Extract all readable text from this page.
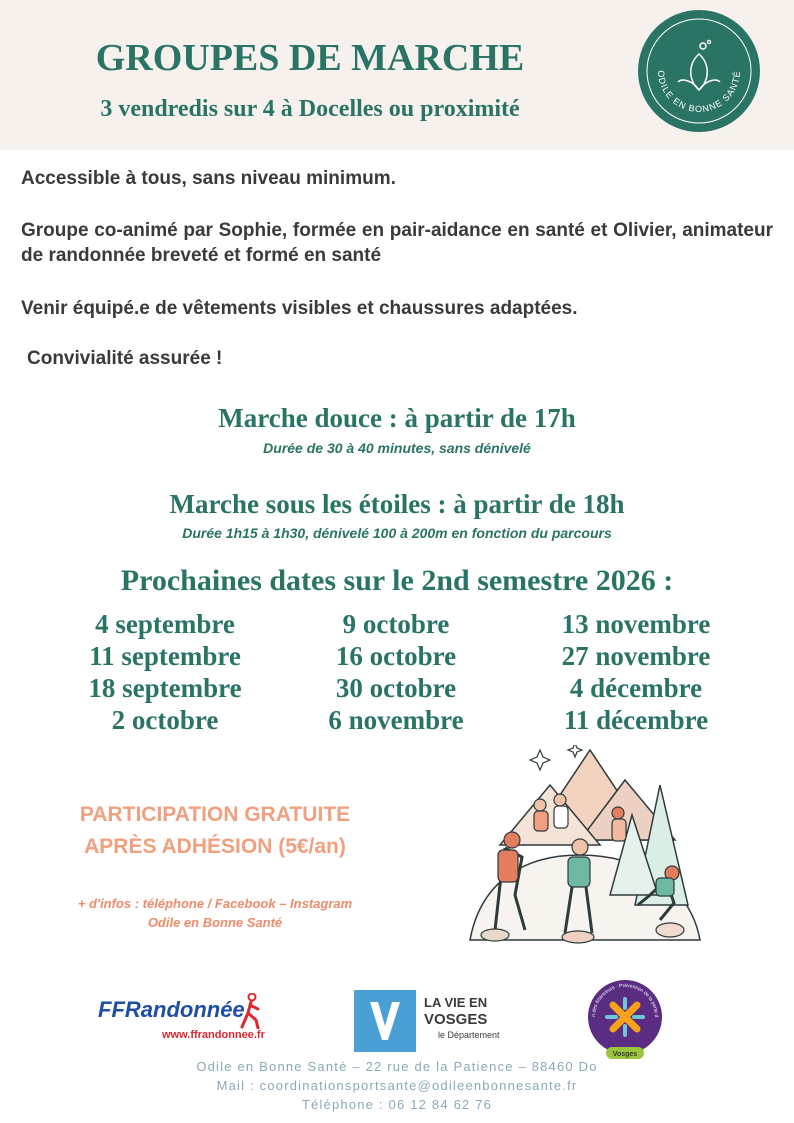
GROUPES DE MARCHE
3 vendredis sur 4 à Docelles ou proximité
ODILE EN BONNE SANTÉ
Accessible à tous, sans niveau minimum.
Groupe co-animé par Sophie, formée en pair-aidance en santé et Olivier, animateur de randonnée breveté et formé en santé
Venir équipé.e de vêtements visibles et chaussures adaptées.
Convivialité assurée !
Marche douce : à partir de 17h
Durée de 30 à 40 minutes, sans dénivelé
Marche sous les étoiles : à partir de 18h
Durée 1h15 à 1h30, dénivelé 100 à 200m en fonction du parcours
Prochaines dates sur le 2nd semestre 2026 :
4 septembre
11 septembre
18 septembre
2 octobre
9 octobre
16 octobre
30 octobre
6 novembre
13 novembre
27 novembre
4 décembre
11 décembre
PARTICIPATION GRATUITE
APRÈS ADHÉSION (5€/an)
+ d'infos : téléphone / Facebook – Instagram
Odile en Bonne Santé
FFRandonnée
www.ffrandonnee.fr
LA VIE EN
VOSGES
le Département
n des financeurs · Prévention de la perte d
Vosges
Odile en Bonne Santé – 22 rue de la Patience – 88460 Do
Mail : coordinationsportsante@odileenbonnesante.fr
Téléphone : 06 12 84 62 76
